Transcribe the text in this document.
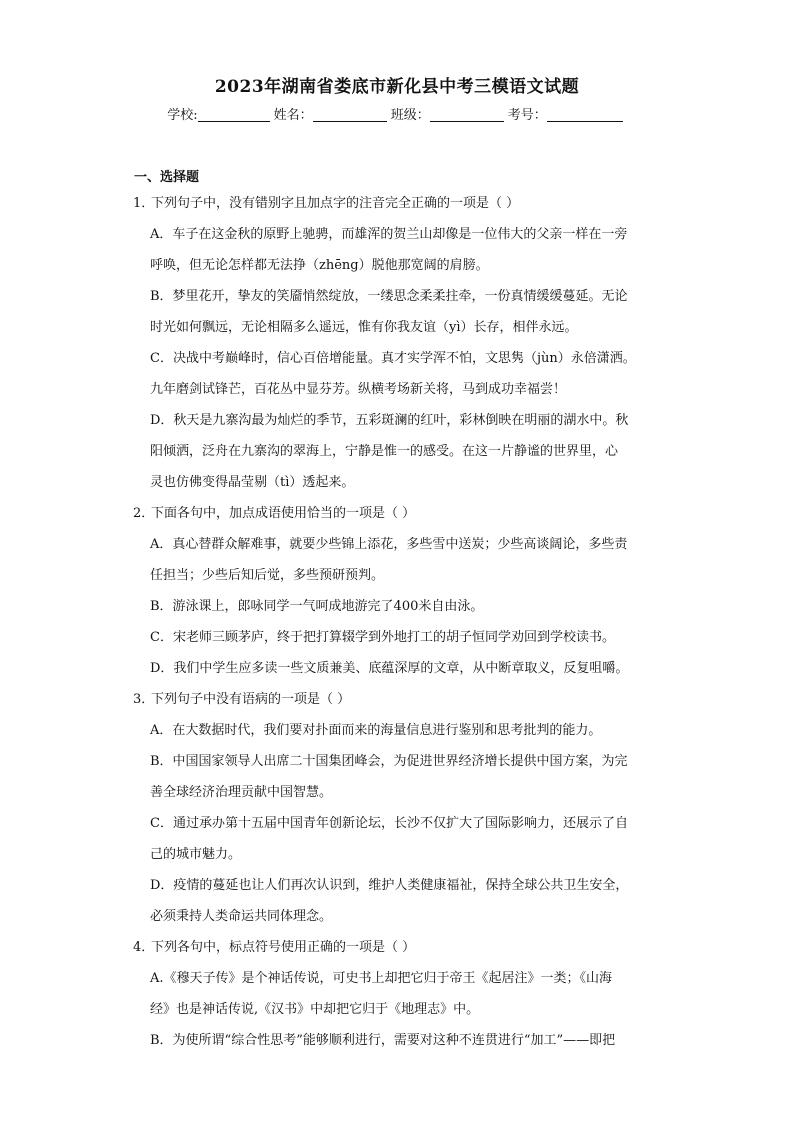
2023年湖南省娄底市新化县中考三模语文试题
学校:	姓名：	班级：	考号：
一、选择题
1．下列句子中，没有错别字且加点字的注音完全正确的一项是（ ）
A．车子在这金秋的原野上驰骋，而雄浑的贺兰山却像是一位伟大的父亲一样在一旁
呼唤，但无论怎样都无法挣（zhēng）脱他那宽阔的肩膀。
B．梦里花开，挚友的笑靥悄然绽放，一缕思念柔柔拄牵，一份真情缓缓蔓延。无论
时光如何飘远，无论相隔多么遥远，惟有你我友谊（yì）长存，相伴永远。
C．决战中考巅峰时，信心百倍增能量。真才实学浑不怕，文思隽（jùn）永倍潇洒。
九年磨剑试锋芒，百花丛中显芬芳。纵横考场新关将，马到成功幸福尝！
D．秋天是九寨沟最为灿烂的季节，五彩斑澜的红叶，彩林倒映在明丽的湖水中。秋
阳倾洒，泛舟在九寨沟的翠海上，宁静是惟一的感受。在这一片静谧的世界里，心
灵也仿佛变得晶莹剔（tì）透起来。
2．下面各句中，加点成语使用恰当的一项是（ ）
A．真心替群众解难事，就要少些锦上添花，多些雪中送炭；少些高谈阔论，多些责
任担当；少些后知后觉，多些预研预判。
B．游泳课上，郎咏同学一气呵成地游完了400米自由泳。
C．宋老师三顾茅庐，终于把打算辍学到外地打工的胡子恒同学劝回到学校读书。
D．我们中学生应多读一些文质兼美、底蕴深厚的文章，从中断章取义，反复咀嚼。
3．下列句子中没有语病的一项是（ ）
A．在大数据时代，我们要对扑面而来的海量信息进行鉴别和思考批判的能力。
B．中国国家领导人出席二十国集团峰会，为促进世界经济增长提供中国方案，为完
善全球经济治理贡献中国智慧。
C．通过承办第十五届中国青年创新论坛，长沙不仅扩大了国际影响力，还展示了自
己的城市魅力。
D．疫情的蔓延也让人们再次认识到，维护人类健康福祉，保持全球公共卫生安全，
必须秉持人类命运共同体理念。
4．下列各句中，标点符号使用正确的一项是（ ）
A.《穆天子传》是个神话传说，可史书上却把它归于帝王《起居注》一类；《山海
经》也是神话传说,《汉书》中却把它归于《地理志》中。
B．为使所谓“综合性思考”能够顺利进行，需要对这种不连贯进行“加工”——即把
